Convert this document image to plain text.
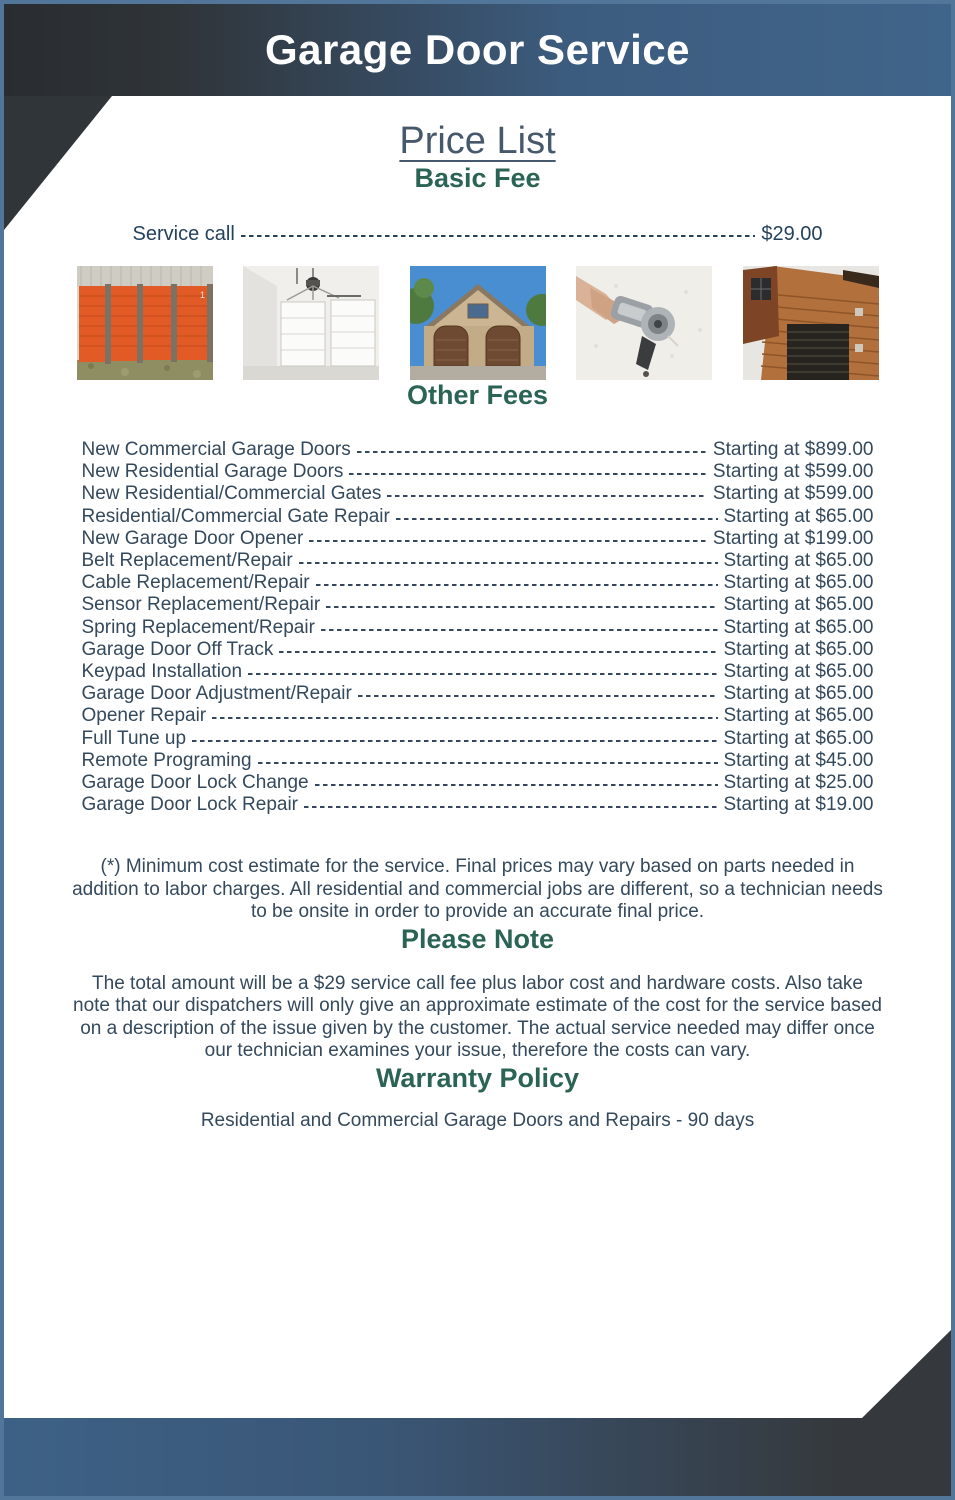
Garage Door Service
Price List
Basic Fee
Service call	$29.00
1
Other Fees
New Commercial Garage Doors	Starting at $899.00
New Residential Garage Doors	Starting at $599.00
New Residential/Commercial Gates	Starting at $599.00
Residential/Commercial Gate Repair	Starting at $65.00
New Garage Door Opener	Starting at $199.00
Belt Replacement/Repair	Starting at $65.00
Cable Replacement/Repair	Starting at $65.00
Sensor Replacement/Repair	Starting at $65.00
Spring Replacement/Repair	Starting at $65.00
Garage Door Off Track	Starting at $65.00
Keypad Installation	Starting at $65.00
Garage Door Adjustment/Repair	Starting at $65.00
Opener Repair	Starting at $65.00
Full Tune up	Starting at $65.00
Remote Programing	Starting at $45.00
Garage Door Lock Change	Starting at $25.00
Garage Door Lock Repair	Starting at $19.00

(*) Minimum cost estimate for the service. Final prices may vary based on parts needed in addition to labor charges. All residential and commercial jobs are different, so a technician needs to be onsite in order to provide an accurate final price.

Please Note

The total amount will be a $29 service call fee plus labor cost and hardware costs. Also take note that our dispatchers will only give an approximate estimate of the cost for the service based on a description of the issue given by the customer. The actual service needed may differ once our technician examines your issue, therefore the costs can vary.

Warranty Policy

Residential and Commercial Garage Doors and Repairs - 90 days
